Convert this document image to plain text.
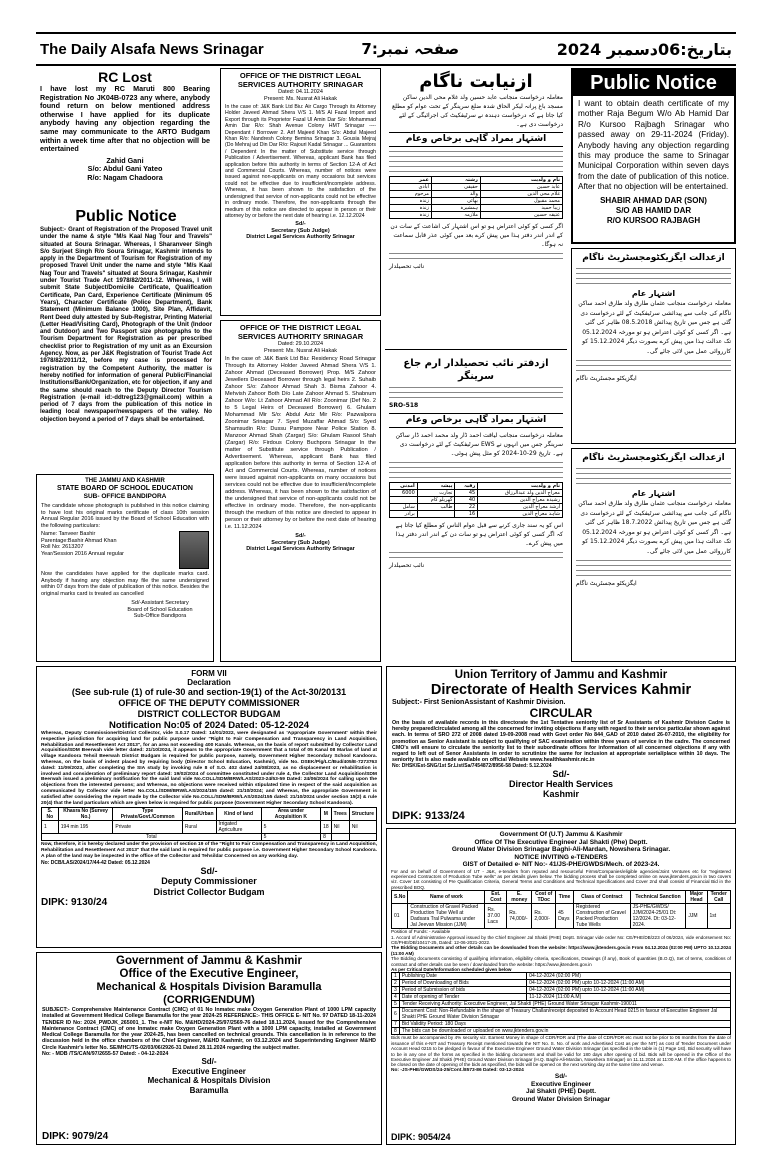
The Daily Alsafa News Srinagar	صفحہ نمبر:7	بتاریخ:06دسمبر 2024
RC Lost
I have lost my RC Maruti 800 Bearing Registration No JK04B-0723 any where, anybody found return on below mentioned address otherwise I have applied for its duplicate anybody having any objection regarding the same may communicate to the ARTO Budgam within a week time after that no objection will be entertained
Zahid Gani
S/o: Abdul Gani Yateo
R/o: Nagam Chadoora
Public Notice
Subject:- Grant of Registration of the Proposed Travel unit under the name & style "M/s Kaal Nag Tour and Travels" situated at Soura Srinagar. Whereas, I Sharanveer Singh S/o Surjeet Singh R/o Soura Srinagar, Kashmir intends to apply in the Department of Tourism for Registration of my proposed Travel Unit under the name and style "M/s Kaal Nag Tour and Travels" situated at Soura Srinagar, Kashmir under Tourist Trade Act 1978/82/2011-12. Whereas, I will submit State Subject/Domicile Certificate, Qualification Certificate, Pan Card, Experience Certificate (Minimum 05 Years), Character Certificate (Police Department), Bank Statement (Minimum Balance 1000), Site Plan, Affidavit, Rent Deed duly attested by Sub-Registrar, Printing Material (Letter Head/Visiting Card), Photograph of the Unit (Indoor and Outdoor) and Two Passport size photographs to the Tourism Department for Registration as per prescribed checklist prior to Registration of my unit as an Excursion Agency. Now, as per J&K Registration of Tourist Trade Act 1978/82/2011/12, before my case is processed for registration by the Competent Authority, the matter is hereby notified for information of general Public/Financial Institutions/Bank/Organization, etc for objection, if any and the same should reach to the Deputy Director Tourism Registration (e-mail id:-ddtreg123@gmail.com) within a period of 7 days from the publication of this notice in leading local newspaper/newspapers of the valley. No objection beyond a period of 7 days shall be entertained.
THE JAMMU AND KASHMIR
STATE BOARD OF SCHOOL EDUCATION
SUB- OFFICE BANDIPORA
The candidate whose photograph is published in this notice claiming to have lost his original marks certificate of class 10th session Annual Regular 2016 issued by the Board of School Education with the following particulars:
Name: Tanveer Bashir
Parentage:Bashir Ahmad Khan
Roll No: 2613207
Year/Session 2016 Annual regular
Now the candidates have applied for the duplicate marks card. Anybody if having any objection may file the same undersigned within 07 days from the date of publication of this notice. Besides the original marks card is treated as cancelled
Sd/-Assistant Secretary
Board of School Education
Sub-Office Bandipora
OFFICE OF THE DISTRICT LEGAL SERVICES AUTHORITY SRINAGAR
Dated: 04.11.2024
Present: Ms. Nusrat Ali Hakak
In the case of: J&K Bank Ltd Biu: Air Cargo Through its Attorney Holder Javeed Ahmad Shera V/S 1. M/S Al Fazal Import and Export through its Proprietor Fazal Ul Amin Dar S/o: Mohammad Amin Dar R/o: Shah Avenue Colony HMT Srinagar ---- Dependant / Borrower 2. Arif Majeed Khan S/o: Abdul Majeed Khan R/o: Nandresh Colony Bemina Srinagar 3. Gousia Mejraj (Do Mehraj ud Din Dar R/o: Rajouri Kadal Srinagar ... Guarantors / Dependent In the matter of Substitute service through Publication / Advertisement. Whereas, applicant Bank has filed application before this authority in terms of Section 12-A of Act and Commercial Courts. Whereas, number of notices were issued against non-applicants on many occasions but services could not be effective due to insufficient/incomplete address. Whereas, it has been shown to the satisfaction of the undersigned that service of non-applicants could not be effective in ordinary mode. Therefore, the non-applicants through the medium of this notice are directed to appear in person or their attorney by or before the next date of hearing i.e. 12.12.2024
Sd/-
Secretary (Sub Judge)
District Legal Services Authority Srinagar
OFFICE OF THE DISTRICT LEGAL SERVICES AUTHORITY SRINAGAR
Dated: 29.10.2024
Present: Ms. Nusrat Ali Hakak
In the case of: J&K Bank Ltd Biu: Residency Road Srinagar Through its Attorney Holder Javeed Ahmad Shera V/S 1. Zahoor Ahmad (Deceased Borrower) Prop. M/S Zahoor Jewellers Deceased Borrower through legal heirs 2. Suhaib Zahoor S/o: Zahoor Ahmad Shah 3. Bisma Zahoor 4. Mehvish Zahoor Both D/o Late Zahoor Ahmad 5. Shabnum Zahoor W/o: Lt Zahoor Ahmad All R/o: Zoonimar (Def No. 2 to 5 Legal Heirs of Deceased Borrower) 6. Ghulam Mohammad Mir S/o: Abdul Aziz Mir R/o: Pazwalpora Zoonimar Srinagar 7. Syed Muzaffar Ahmad S/o: Syed Shamsudin R/o: Dussu Pampore Near Police Station 8. Manzoor Ahmad Shah (Zargar) S/o: Ghulam Rasool Shah (Zargar) R/o: Firdous Colony Buchpora Srinagar In the matter of Substitute service through Publication / Advertisement. Whereas, applicant Bank has filed application before this authority in terms of Section 12-A of Act and Commercial Courts. Whereas, number of notices were issued against non-applicants on many occasions but services could not be effective due to insufficient/incomplete address. Whereas, it has been shown to the satisfaction of the undersigned that service of non-applicants could not be effective in ordinary mode. Therefore, the non-applicants through the medium of this notice are directed to appear in person or their attorney by or before the next date of hearing i.e. 11.12.2024
Sd/-
Secretary (Sub Judge)
District Legal Services Authority Srinagar
ازنیابت ناگام
معاملہ درخواست منجانب عابد حسین ولد غلام محی الدین ساکن مسجد باغ پرانہ لیکر الحاق شدہ ضلع سرینگر کے تحت عوام کو مطلع کیا جاتا ہے کہ درخواست دہندہ نے سرٹیفکیٹ کی اجرائیگی کے لئے درخواست دی ہے۔
اشتہار بمراد گاہی برخاص وعام
نام و ولدیت	رشتہ	عمر
عابد حسین	حقیقی	آبادی
غلام محی الدین	والد	مرحوم
محمد مقبول	بھائی	زندہ
زیبا حمید	ہمشیرہ	زندہ
عتیقہ حسین	ملازمہ	زندہ
اگر کسی کو کوئی اعتراض ہو تو اس اشتہار کی اشاعت کے سات دن کے اندر اندر دفتر ہذا میں پیش کرے بعد میں کوئی عذر قابل سماعت نہ ہوگا۔
نائب تحصیلدار
ازدفتر نائب تحصیلدار ارم جاع سرینگر
SRO-518
اشتہار بمراد گاہی برخاص وعام
معاملہ درخواست منجانب لیاقت احمد ڈار ولد محمد احمد ڈار ساکن سرینگر جس میں انہوں نے EWS سرٹیفکیٹ کے لئے درخواست دی ہے۔ تاریخ 29-10-2024 کو مثل پیش ہوئی۔
نام و ولدیت	رقبہ	پیشہ	آمدنی
معراج الدین ولد عبدالرزاق	45	تجارت	6000
رشیدہ معراج الدین	40	گھریلو کام	
ارشد معراج الدین	22	طالب	سامل
شاہد معراج الدین	16		برادر
اس کو یہ سند جاری کرنے سے قبل عوام الناس کو مطلع کیا جاتا ہے کہ اگر کسی کو کوئی اعتراض ہو تو سات دن کے اندر اندر دفتر ہذا میں پیش کرے۔
نائب تحصیلدار
Public Notice
I want to obtain death certificate of my mother Raja Begum W/o Ab Hamid Dar R/o Kursoo Rajbagh Srinagar who passed away on 29-11-2024 (Friday). Anybody having any objection regarding this may produce the same to Srinagar Municipal Corporation within seven days from the date of publication of this notice. After that no objection will be entertained.
SHABIR AHMAD DAR (SON)
S/O AB HAMID DAR
R/O KURSOO RAJBAGH
ازعدالت ایگزیکٹومجسٹریٹ ناگام
اشتہار عام
معاملہ درخواست منجانب عثمان طارق ولد طارق احمد ساکن ناگام کی جانب سے پیدائشی سرٹیفکیٹ کے لئے درخواست دی گئی ہے جس میں تاریخ پیدائش 08.5.2018 ظاہر کی گئی ہے۔ اگر کسی کو کوئی اعتراض ہو تو مورخہ 05.12.2024 تک عدالت ہذا میں پیش کرے بصورت دیگر 15.12.2024 کو کارروائی عمل میں لائی جائے گی۔
ایگزیکٹو مجسٹریٹ ناگام
ازعدالت ایگزیکٹومجسٹریٹ ناگام
اشتہار عام
معاملہ درخواست منجانب عثمان طارق ولد طارق احمد ساکن ناگام کی جانب سے پیدائشی سرٹیفکیٹ کے لئے درخواست دی گئی ہے جس میں تاریخ پیدائش 18.7.2022 ظاہر کی گئی ہے۔ اگر کسی کو کوئی اعتراض ہو تو مورخہ 05.12.2024 تک عدالت ہذا میں پیش کرے بصورت دیگر 15.12.2024 کو کارروائی عمل میں لائی جائے گی۔
ایگزیکٹو مجسٹریٹ ناگام
FORM VII
Declaration
(See sub-rule (1) of rule-30 and section-19(1) of the Act-30/20131
OFFICE OF THE DEPUTY COMMISSIONER
DISTRICT COLLECTOR BUDGAM
Notification No:05 of 2024 Dated: 05-12-2024
Whereas, Deputy Commissioner/District Collector, vide S.0.17 Dated: 14/01/2022, were designated as 'Appropriate Government' within their respective jurisdiction for acquiring land for public purpose under "Right to Fair Compensation and Transparency in Land Acquisition, Rehabilitation and Resettlement Act 2013", for an area not exceeding 400 Kanals. Whereas, on the basis of report submitted by Collector Land Acquisition/SDM Beerwah vide letter dated: 21/10/2024, it appears to the appropriate Government that a total of 05 Kanal 08 Marlas of land at village Kandoora Tehsil Beerwah District Budgam is required for public purpose, namely, Government Higher Secondary School Kandoora. Whereas, on the basis of indent placed by requiring body (Director School Education, Kashmir), vide No. DSEK/Plg/LC/Bud/405/E-7273763 dated: 11/09/2023, after completing the SIA study by invoking rule 8 of S.O. 402 dated 24/08/2023, as no displacement or rehabilitation is involved and consideration of preliminary report dated: 19/02/2024 of committee constituted under rule 4, the Collector Land Acquisition/SDM Beerwah issued a preliminary notification for the said land vide No.COLL/SDM/BRW/LAS/2023-24/53-59 Dated: 24/06/2024 for calling upon the objections from the interested persons; and Whereas, no objections were received within stipulated time in respect of the said acquisition as communicated by Collector vide letter No.COLL/SDM/BRW/LAS/2024/155 dated: 21/10/2024; and Whereas, the appropriate Government is satisfied after considering the report made by the Collector vide No.COLL/SDM/BRW/LAS/2024/155 dated: 21/10/2024 under section 15(2) & rule 20(4) that the land particulars which are given below is required for public purpose (Government Higher Secondary School Kandoora).
S. No	Khasra No (Survey No.)	Type Private/Govt./Common	Rural/Urban	Kind of land	Area under Acquisition K	M	Trees	Structure
1	194 min 195	Private	Rural	Irrigated Agriculture	5	18	Nil	Nil
Total					5	8		
Now, therefore, it is hereby declared under the provision of section 19 of the "Right to Fair Compensation and Transparency in Land Acquisition, Rehabilitation and Resettlement Act 2013" that the said land is required for public purpose i.e. Government Higher Secondary School Kandoora. A plan of the land may be inspected in the office of the Collector and Tehsildar Concerned on any working day.
No: DCB/LAS/2024/17/44-42 Dated: 05.12.2024
Sd/-
Deputy Commissioner
District Collector Budgam
DIPK: 9130/24
Union Territory of Jammu and Kashmir
Directorate of Health Services Kahmir
Subject:- First SenionAssistant of Kashmir Division.
CIRCULAR
On the basis of available records in this directorate the 1st Tentative seniority list of Sr Assistants of Kashmir Division Cadre is hereby prepared/circulated among all the concerned for inviting objections if any with regard to their service particular shown against each. In terms of SRO 272 of 2008 dated 19-09-2008 read with Govt order No 844_GAD of 2010 dated 26-07-2010, the eligibility for promotion as Senior Assistant is subject to qualifying of SAC examination within three years of service in the cadre. The concerned CMO's will ensure to circulate the seniority list to their subordinate offices for information of all concerned objections if any with regard to left out of Senor Assistants in order to scrutinize the same for inclusion at appropriate serial/place within 10 days. The seniority list is also made available on official Website www.healthkashmir.nic.in
No: DHSK/Est-SNG/1st Sr.List/Sa/7454872/8956-58 Dated: 5.12.2024
Sd/-
Director Health Services
Kashmir
DIPK: 9133/24
Government of Jammu & Kashmir
Office of the Executive Engineer,
Mechanical & Hospitals Division Baramulla
(CORRIGENDUM)
SUBJECT:- Comprehensive Maintenance Contract (CMC) of 01 No Inmatec make Oxygen Generation Plant of 1000 LPM capacity installed at Government Medical College Baramulla for the year 2024-25 REFERENCE:- THIS OFFICE E- NIT No. 97 DATED 18-11-2024 TENDER ID No: 2024_PWDJK_265001_1. The e-NIT No. M&HD/2024-25/97/2569-76 dated 18.11.2024, issued for the Comprehensive Maintenance Contract (CMC) of one Inmatec make Oxygen Generation Plant with a 1000 LPM capacity, installed at Government Medical College Baramulla for the year 2024-25, has been cancelled on technical grounds. This cancellation is in reference to the discussion held in the office chambers of the Chief Engineer, M&HD Kashmir, on 03.12.2024 and Superintending Engineer M&HD Circle Kashmir's letter No. SE/MHC/TS-02/03/06/2926-31 Dated 28.11.2024 regarding the subject matter.
No: - MDB /TS/CAN/97/2655-57 Dated: - 04-12-2024
Sd/-
Executive Engineer
Mechanical & Hospitals Division
Baramulla
DIPK: 9079/24
Government Of (U.T) Jammu & Kashmir
Office Of The Executive Engineer Jal Shakti (Phe) Deptt.
Ground Water Division Srinagar Baghi-Ali-Mardan, Nowshera Srinagar.
NOTICE INVITING e-TENDERS
GIST of Detailed e- NIT No:- 41/JS-PHE/GWDS/Mech. of 2023-24.
For and on behalf of Government of UT - J&K, e-tenders from reputed and resourceful Firms/Companies/eligible agencies/Joint Ventures etc for "registered experienced Contractors of Production Tube wells" as per details given below. The bidding process shall be completed online on www.jktenders.gov.in in two covers viz. Cover 1st consisting of Pre Qualification Criteria, General Terms and Conditions and Technical Specifications and Cover 2nd shall consist of Financial Bid in the prescribed BOQ.
S.No	Name of work	Est. Cost	E. money	Cost of TDoc	Time	Class of Contract	Technical Sanction	Major Head	Tender Call
01	Construction of Gravel Packed Production Tube Well at Dadsara Tral Pulwama under Jal Jeevan Mission (JJM)	Rs. 37.00 Lacs	Rs. 74,000/-	Rs. 2,000/-	45 Days	Registered Construction of Gravel Packed Production Tube Wells	JS-PHE/GWDS/ JJM/2024-25/01 Dt: 12/2024. Dt: 03-12-2024.	JJM	1st
Position of Funds: - Available
1. Accord of Administrative Approval issued by the Chief Engineer Jal Shakti (PHE) Deptt. Srinagar vide order No: CE/PHE/DB/223 of 06/2024, vide endorsement No: CE/PHE/DB/10417-25, Dated: 12-06-2021-2022.
The Bidding Documents and other details can be downloaded from the website: https://www.jktenders.gov.in From 04.12.2024 (02:00 PM) UPTO 10.12.2024 (11:00 AM)
The Bidding documents consisting of qualifying information, eligibility criteria, specifications, Drawings (if any), Book of quantities (B.O.Q), Set of terms, conditions of contract and other details can be seen / downloaded from the website: https://www.jktenders.gov.in
As per Critical Date/Information scheduled given below
1	Publishing Date	04-12-2024 (02:00 PM)
2	Period of Downloading of Bids	04-12-2024 (02:00 PM) upto 10-12-2024 (11:00 AM)
3	Period of Submission of bids	04-12-2024 (02:00 PM) upto 10-12-2024 (11:00 AM)
4	Date of opening of Tender	11-12-2024 (11:00 A.M)
5	Tender Receiving Authority: Executive Engineer, Jal Shakti (PHE) Ground Water Srinagar Kashmir-190011	
6	Document Cost: Non-Refundable in the shape of Treasury Challan/receipt deposited to Account Head 0215 in favour of Executive Engineer Jal Shakti PHE Ground Water Division Srinagar	
7	Bid Validity Period: 180 Days	
8	The bids can be downloaded or uploaded on www.jktenders.gov.in	
Bids must be accompanied by 4% security viz. Earnest Money in shape of CDR/FDR and (The date of CDR/FDR etc must not be prior to 06 months from the date of issuance of this e-NIT and Treasury Receipt mentioned towards the NIT No. S. No. of work and Advertised Cost as per the NIT) as cost of Tender Document under Account Head 0215 to be pledged in favour of the Executive Engineer Ground Water Division Srinagar (as specified in the table in (1) Page 1st). Bid security will have to be in any one of the forms as specified in the bidding documents and shall be valid for 180 days after opening of bid. Bids will be opened in the Office of the Executive Engineer Jal Shakti (PHE) Ground Water Division Srinagar (H.Q. Baghi-Ali-Mardan, Nowshera Srinagar) on 11.11.2024 at 11:00 AM. If the office happens to be closed on the date of opening of the bids as specified, the bids will be opened on the next working day at the same time and venue.
No: -JS-PHE/GWDS/24-25/Cont./8573-86 Dated: 03-12-2024
Sd/-
Executive Engineer
Jal Shakti (PHE) Deptt.
Ground Water Division Srinagar
DIPK: 9054/24
